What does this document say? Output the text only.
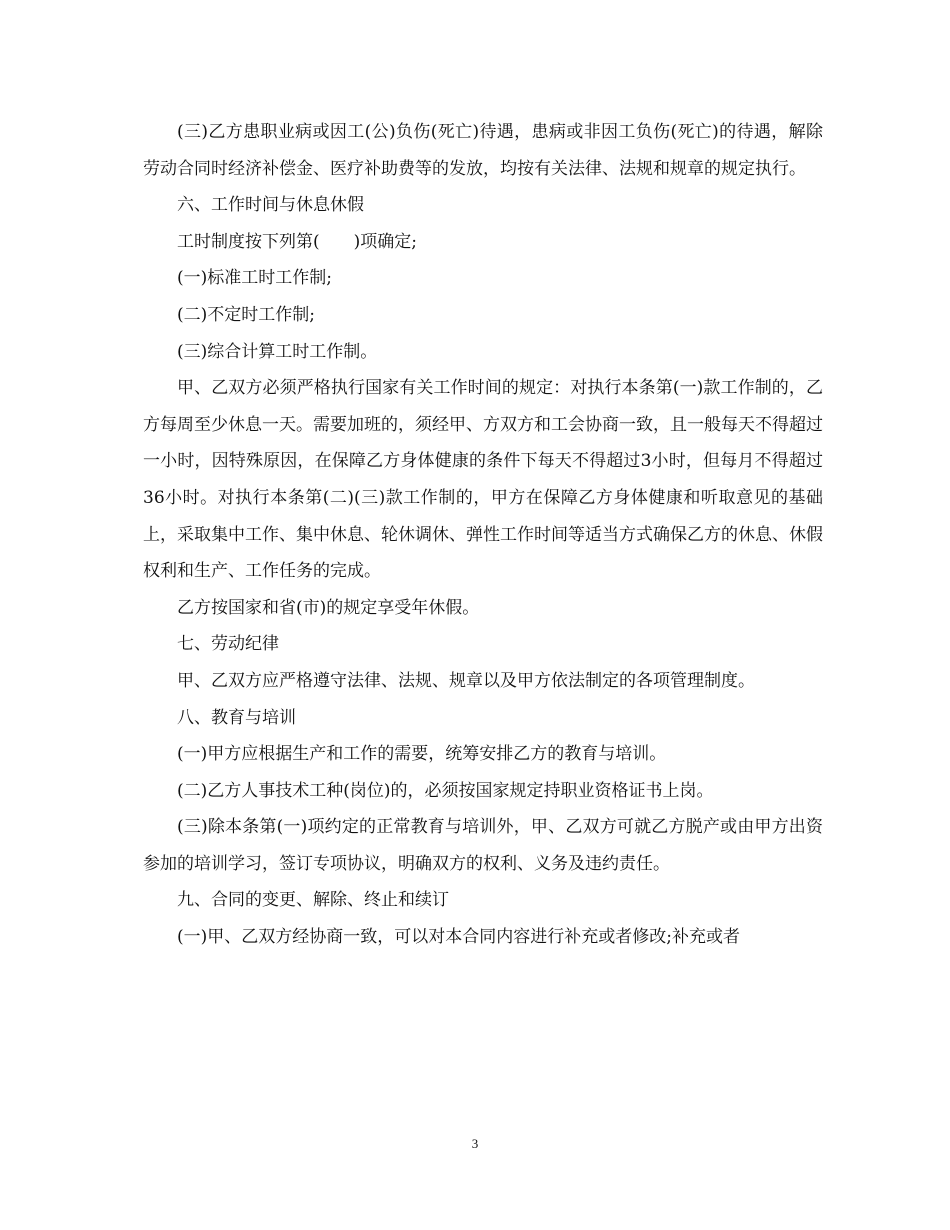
(三)乙方患职业病或因工(公)负伤(死亡)待遇，患病或非因工负伤(死亡)的待遇，解除劳动合同时经济补偿金、医疗补助费等的发放，均按有关法律、法规和规章的规定执行。

六、工作时间与休息休假

工时制度按下列第(　　)项确定;

(一)标准工时工作制;

(二)不定时工作制;

(三)综合计算工时工作制。

甲、乙双方必须严格执行国家有关工作时间的规定：对执行本条第(一)款工作制的，乙方每周至少休息一天。需要加班的，须经甲、方双方和工会协商一致，且一般每天不得超过一小时，因特殊原因，在保障乙方身体健康的条件下每天不得超过3小时，但每月不得超过36小时。对执行本条第(二)(三)款工作制的，甲方在保障乙方身体健康和听取意见的基础上，采取集中工作、集中休息、轮休调休、弹性工作时间等适当方式确保乙方的休息、休假权利和生产、工作任务的完成。

乙方按国家和省(市)的规定享受年休假。

七、劳动纪律

甲、乙双方应严格遵守法律、法规、规章以及甲方依法制定的各项管理制度。

八、教育与培训

(一)甲方应根据生产和工作的需要，统筹安排乙方的教育与培训。

(二)乙方人事技术工种(岗位)的，必须按国家规定持职业资格证书上岗。

(三)除本条第(一)项约定的正常教育与培训外，甲、乙双方可就乙方脱产或由甲方出资参加的培训学习，签订专项协议，明确双方的权利、义务及违约责任。

九、合同的变更、解除、终止和续订

(一)甲、乙双方经协商一致，可以对本合同内容进行补充或者修改;补充或者

3
